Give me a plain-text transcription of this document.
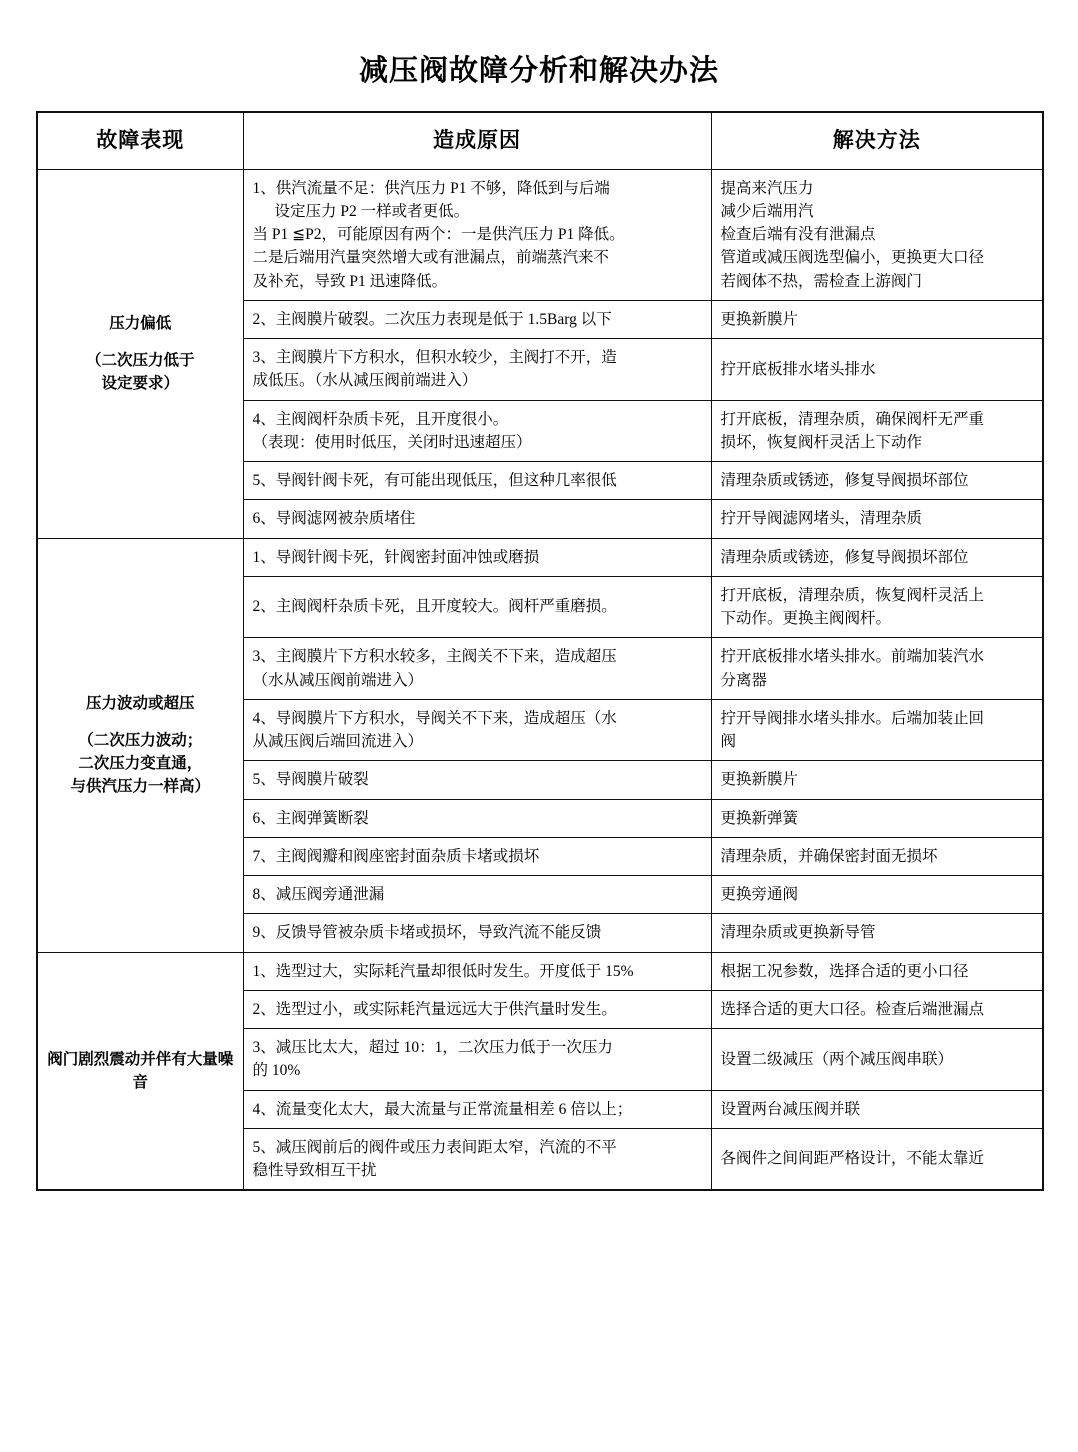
减压阀故障分析和解决办法
故障表现	造成原因	解决方法
压力偏低
（二次压力低于
设定要求）	1、供汽流量不足：供汽压力 P1 不够，降低到与后端
设定压力 P2 一样或者更低。
当 P1 ≦P2，可能原因有两个：一是供汽压力 P1 降低。
二是后端用汽量突然增大或有泄漏点，前端蒸汽来不
及补充，导致 P1 迅速降低。	提高来汽压力
减少后端用汽
检查后端有没有泄漏点
管道或减压阀选型偏小，更换更大口径
若阀体不热，需检查上游阀门

	2、主阀膜片破裂。二次压力表现是低于 1.5Barg 以下	更换新膜片

	3、主阀膜片下方积水，但积水较少，主阀打不开，造
成低压。（水从减压阀前端进入）	拧开底板排水堵头排水

	4、主阀阀杆杂质卡死，且开度很小。
（表现：使用时低压，关闭时迅速超压）	打开底板，清理杂质，确保阀杆无严重
损坏，恢复阀杆灵活上下动作

	5、导阀针阀卡死，有可能出现低压，但这种几率很低	清理杂质或锈迹，修复导阀损坏部位

	6、导阀滤网被杂质堵住	拧开导阀滤网堵头，清理杂质

压力波动或超压
（二次压力波动；
二次压力变直通，
与供汽压力一样高）	1、导阀针阀卡死，针阀密封面冲蚀或磨损	清理杂质或锈迹，修复导阀损坏部位

	2、主阀阀杆杂质卡死，且开度较大。阀杆严重磨损。	打开底板，清理杂质，恢复阀杆灵活上
下动作。更换主阀阀杆。

	3、主阀膜片下方积水较多，主阀关不下来，造成超压
（水从减压阀前端进入）	拧开底板排水堵头排水。前端加装汽水
分离器

	4、导阀膜片下方积水，导阀关不下来，造成超压（水
从减压阀后端回流进入）	拧开导阀排水堵头排水。后端加装止回
阀

	5、导阀膜片破裂	更换新膜片

	6、主阀弹簧断裂	更换新弹簧

	7、主阀阀瓣和阀座密封面杂质卡堵或损坏	清理杂质，并确保密封面无损坏

	8、减压阀旁通泄漏	更换旁通阀

	9、反馈导管被杂质卡堵或损坏，导致汽流不能反馈	清理杂质或更换新导管

阀门剧烈震动并伴有大量噪音	1、选型过大，实际耗汽量却很低时发生。开度低于 15%	根据工况参数，选择合适的更小口径

	2、选型过小，或实际耗汽量远远大于供汽量时发生。	选择合适的更大口径。检查后端泄漏点

	3、减压比太大，超过 10：1，二次压力低于一次压力
的 10%	设置二级减压（两个减压阀串联）

	4、流量变化太大，最大流量与正常流量相差 6 倍以上；	设置两台减压阀并联

	5、减压阀前后的阀件或压力表间距太窄，汽流的不平
稳性导致相互干扰	各阀件之间间距严格设计，不能太靠近
